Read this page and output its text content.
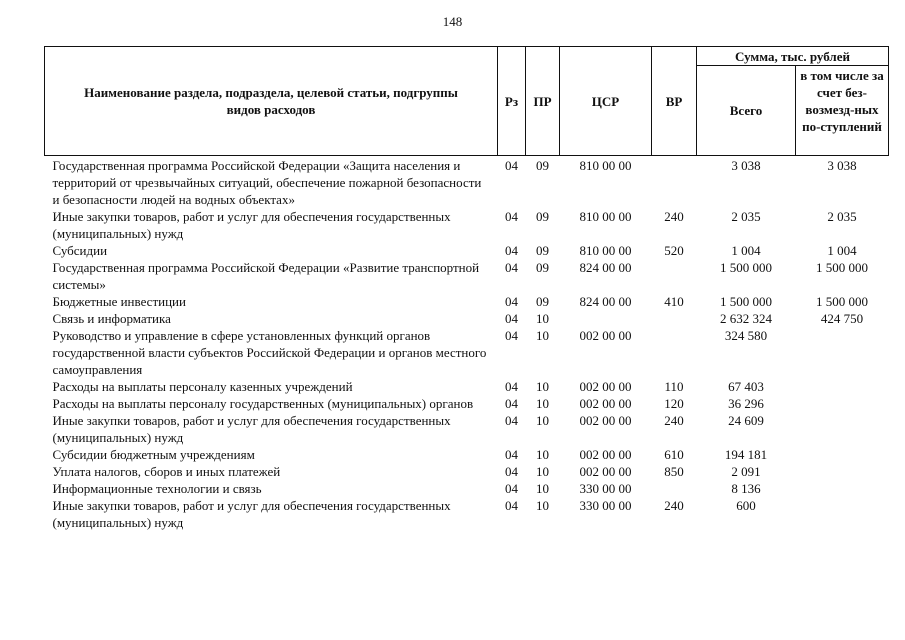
148
Наименование раздела, подраздела, целевой статьи, подгруппы видов расходов	Рз	ПР	ЦСР	ВР	Сумма, тыс. рублей	
					Всего	в том числе за счет без-возмезд-ных по-ступлений
Государственная программа Российской Федерации «Защита населения и территорий от чрезвычайных ситуаций, обеспечение пожарной безопасности и безопасности людей на водных объектах»	04	09	810 00 00		3 038	3 038
Иные закупки товаров, работ и услуг для обеспечения государственных (муниципальных) нужд	04	09	810 00 00	240	2 035	2 035
Субсидии	04	09	810 00 00	520	1 004	1 004
Государственная программа Российской Федерации «Развитие транспортной системы»	04	09	824 00 00		1 500 000	1 500 000
Бюджетные инвестиции	04	09	824 00 00	410	1 500 000	1 500 000
Связь и информатика	04	10			2 632 324	424 750
Руководство и управление в сфере установленных функций органов государственной власти субъектов Российской Федерации и органов местного самоуправления	04	10	002 00 00		324 580	
Расходы на выплаты персоналу казенных учреждений	04	10	002 00 00	110	67 403	
Расходы на выплаты персоналу государственных (муниципальных) органов	04	10	002 00 00	120	36 296	
Иные закупки товаров, работ и услуг для обеспечения государственных (муниципальных) нужд	04	10	002 00 00	240	24 609	
Субсидии бюджетным учреждениям	04	10	002 00 00	610	194 181	
Уплата налогов, сборов и иных платежей	04	10	002 00 00	850	2 091	
Информационные технологии и связь	04	10	330 00 00		8 136	
Иные закупки товаров, работ и услуг для обеспечения государственных (муниципальных) нужд	04	10	330 00 00	240	600	
